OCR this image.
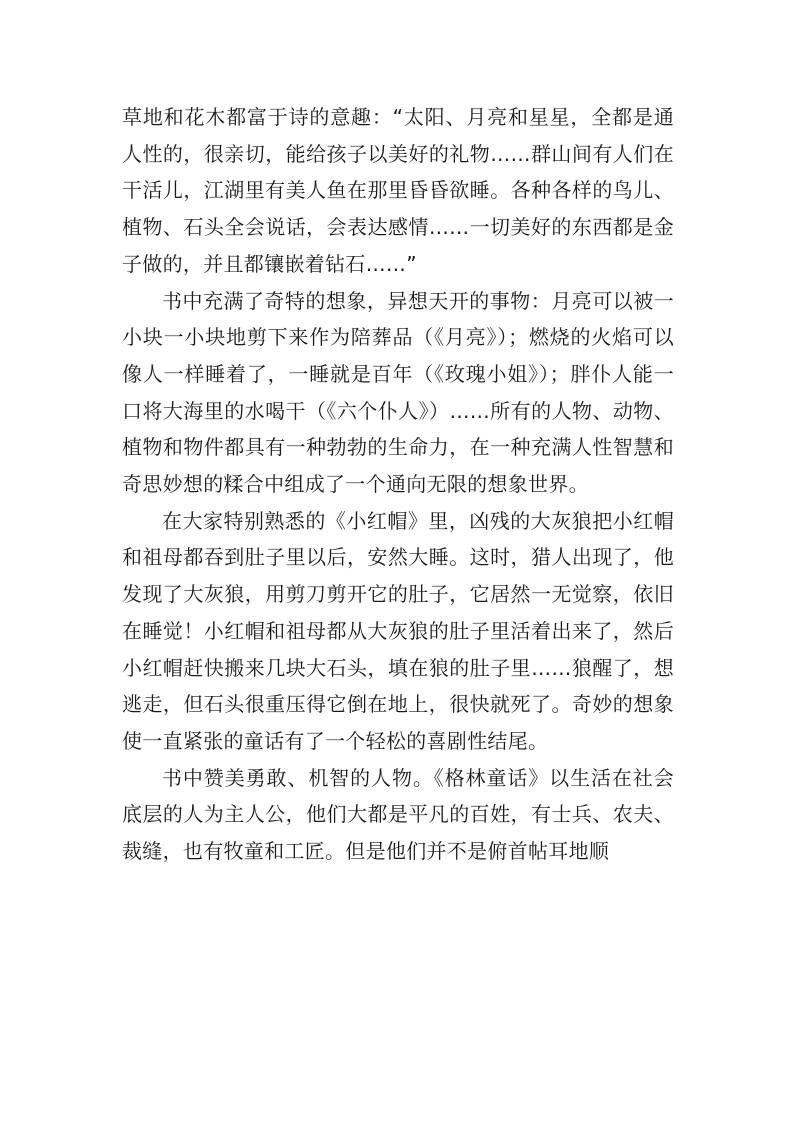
草地和花木都富于诗的意趣：“太阳、月亮和星星，全都是通人性的，很亲切，能给孩子以美好的礼物……群山间有人们在干活儿，江湖里有美人鱼在那里昏昏欲睡。各种各样的鸟儿、植物、石头全会说话，会表达感情……一切美好的东西都是金子做的，并且都镶嵌着钻石……”

书中充满了奇特的想象，异想天开的事物：月亮可以被一小块一小块地剪下来作为陪葬品（《月亮》）；燃烧的火焰可以像人一样睡着了，一睡就是百年（《玫瑰小姐》）；胖仆人能一口将大海里的水喝干（《六个仆人》）……所有的人物、动物、植物和物件都具有一种勃勃的生命力，在一种充满人性智慧和奇思妙想的糅合中组成了一个通向无限的想象世界。

在大家特别熟悉的《小红帽》里，凶残的大灰狼把小红帽和祖母都吞到肚子里以后，安然大睡。这时，猎人出现了，他发现了大灰狼，用剪刀剪开它的肚子，它居然一无觉察，依旧在睡觉！小红帽和祖母都从大灰狼的肚子里活着出来了，然后小红帽赶快搬来几块大石头，填在狼的肚子里……狼醒了，想逃走，但石头很重压得它倒在地上，很快就死了。奇妙的想象使一直紧张的童话有了一个轻松的喜剧性结尾。

书中赞美勇敢、机智的人物。《格林童话》以生活在社会底层的人为主人公，他们大都是平凡的百姓，有士兵、农夫、裁缝，也有牧童和工匠。但是他们并不是俯首帖耳地顺
